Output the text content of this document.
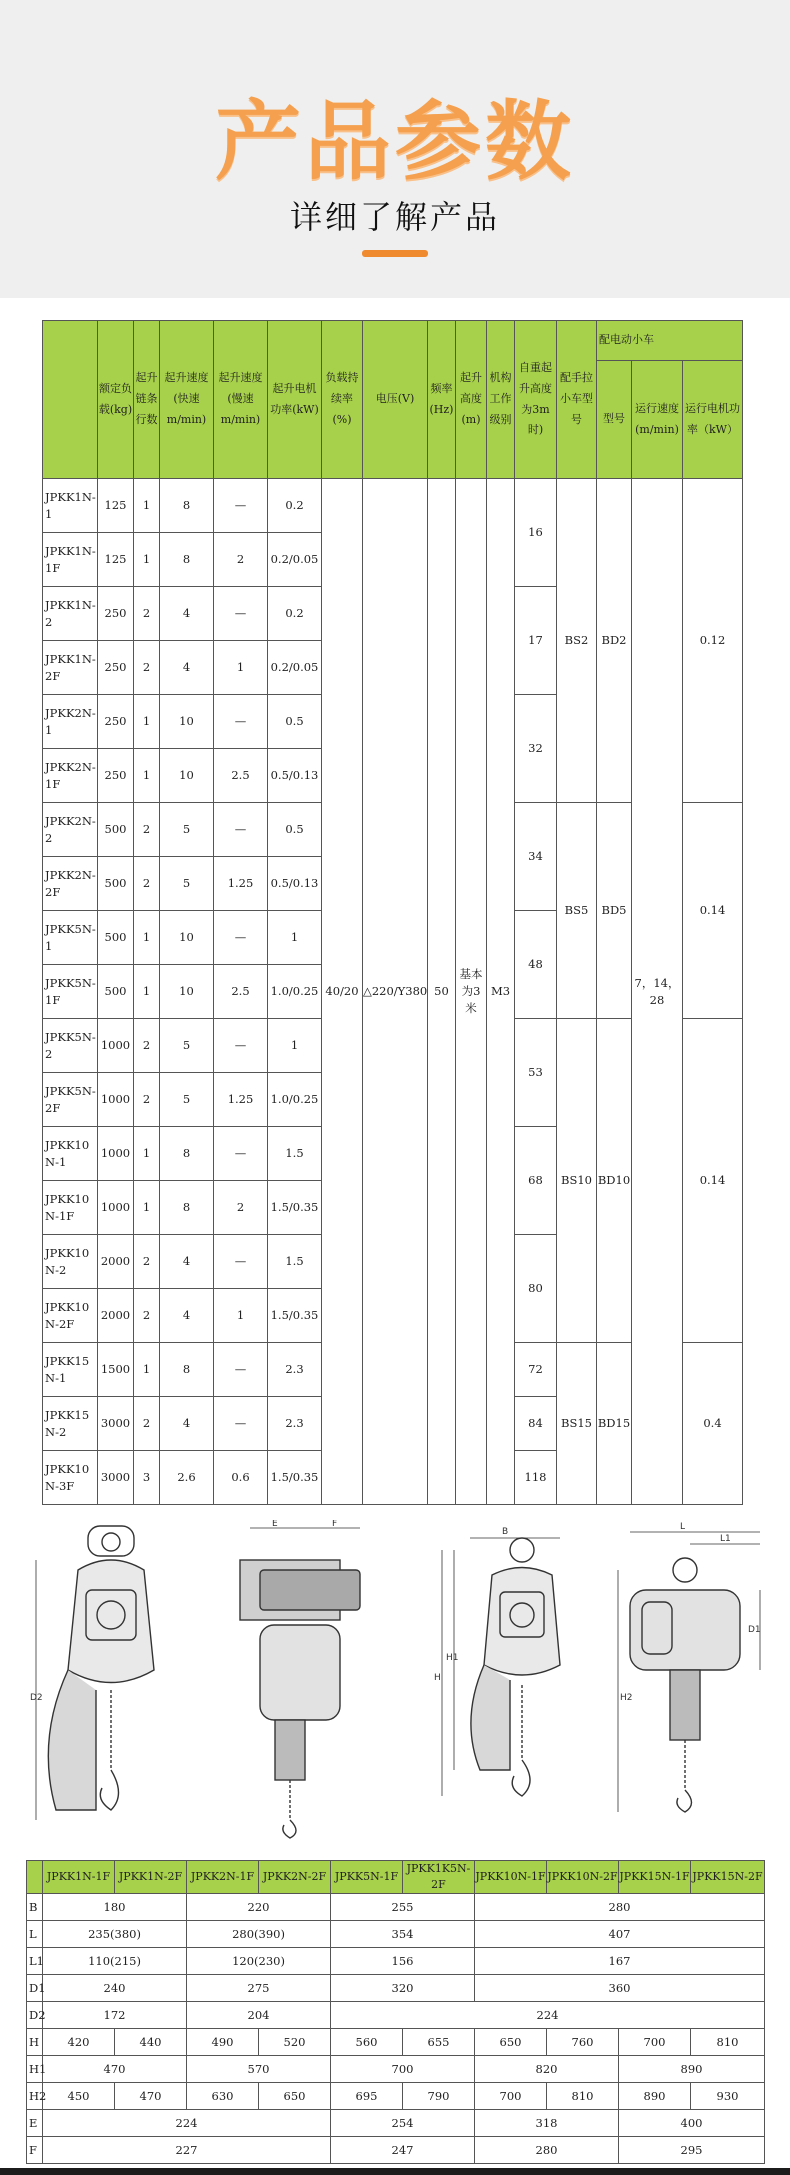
产品参数
详细了解产品
	额定负载(kg)	起升链条行数	起升速度(快速m/min)	起升速度(慢速m/min)	起升电机功率(kW)	负载持续率(%)	电压(V)	频率(Hz)	起升高度(m)	机构工作级别	自重起升高度为3m时)	配手拉小车型号	配电动小车		
													型号	运行速度(m/min)	运行电机功率（kW）
JPKK1N-1	125	1	8	—	0.2	40/20	△220/Y380	50	基本为3米	M3	16	BS2	BD2	7，14，28	0.12
JPKK1N-1F	125	1	8	2	0.2/0.05										
JPKK1N-2	250	2	4	—	0.2						17				
JPKK1N-2F	250	2	4	1	0.2/0.05										
JPKK2N-1	250	1	10	—	0.5						32				
JPKK2N-1F	250	1	10	2.5	0.5/0.13										
JPKK2N-2	500	2	5	—	0.5						34	BS5	BD5		0.14
JPKK2N-2F	500	2	5	1.25	0.5/0.13										
JPKK5N-1	500	1	10	—	1						48				
JPKK5N-1F	500	1	10	2.5	1.0/0.25										
JPKK5N-2	1000	2	5	—	1						53	BS10	BD10		0.14
JPKK5N-2F	1000	2	5	1.25	1.0/0.25										
JPKK10N-1	1000	1	8	—	1.5						68				
JPKK10N-1F	1000	1	8	2	1.5/0.35										
JPKK10N-2	2000	2	4	—	1.5						80				
JPKK10N-2F	2000	2	4	1	1.5/0.35										
JPKK15N-1	1500	1	8	—	2.3						72	BS15	BD15		0.4
JPKK15N-2	3000	2	4	—	2.3						84				
JPKK10N-3F	3000	3	2.6	0.6	1.5/0.35						118				
D2
E	F
B
H
H1
L
L1
D1
H2
	JPKK1N-1F	JPKK1N-2F	JPKK2N-1F	JPKK2N-2F	JPKK5N-1F	JPKK1K5N-2F	JPKK10N-1F	JPKK10N-2F	JPKK15N-1F	JPKK15N-2F
B	180		220		255		280			
L	235(380)		280(390)		354		407			
L1	110(215)		120(230)		156		167			
D1	240		275		320		360			
D2	172		204		224					
H	420	440	490	520	560	655	650	760	700	810
H1	470		570		700		820		890	
H2	450	470	630	650	695	790	700	810	890	930
E	224				254		318		400	
F	227				247		280		295	
